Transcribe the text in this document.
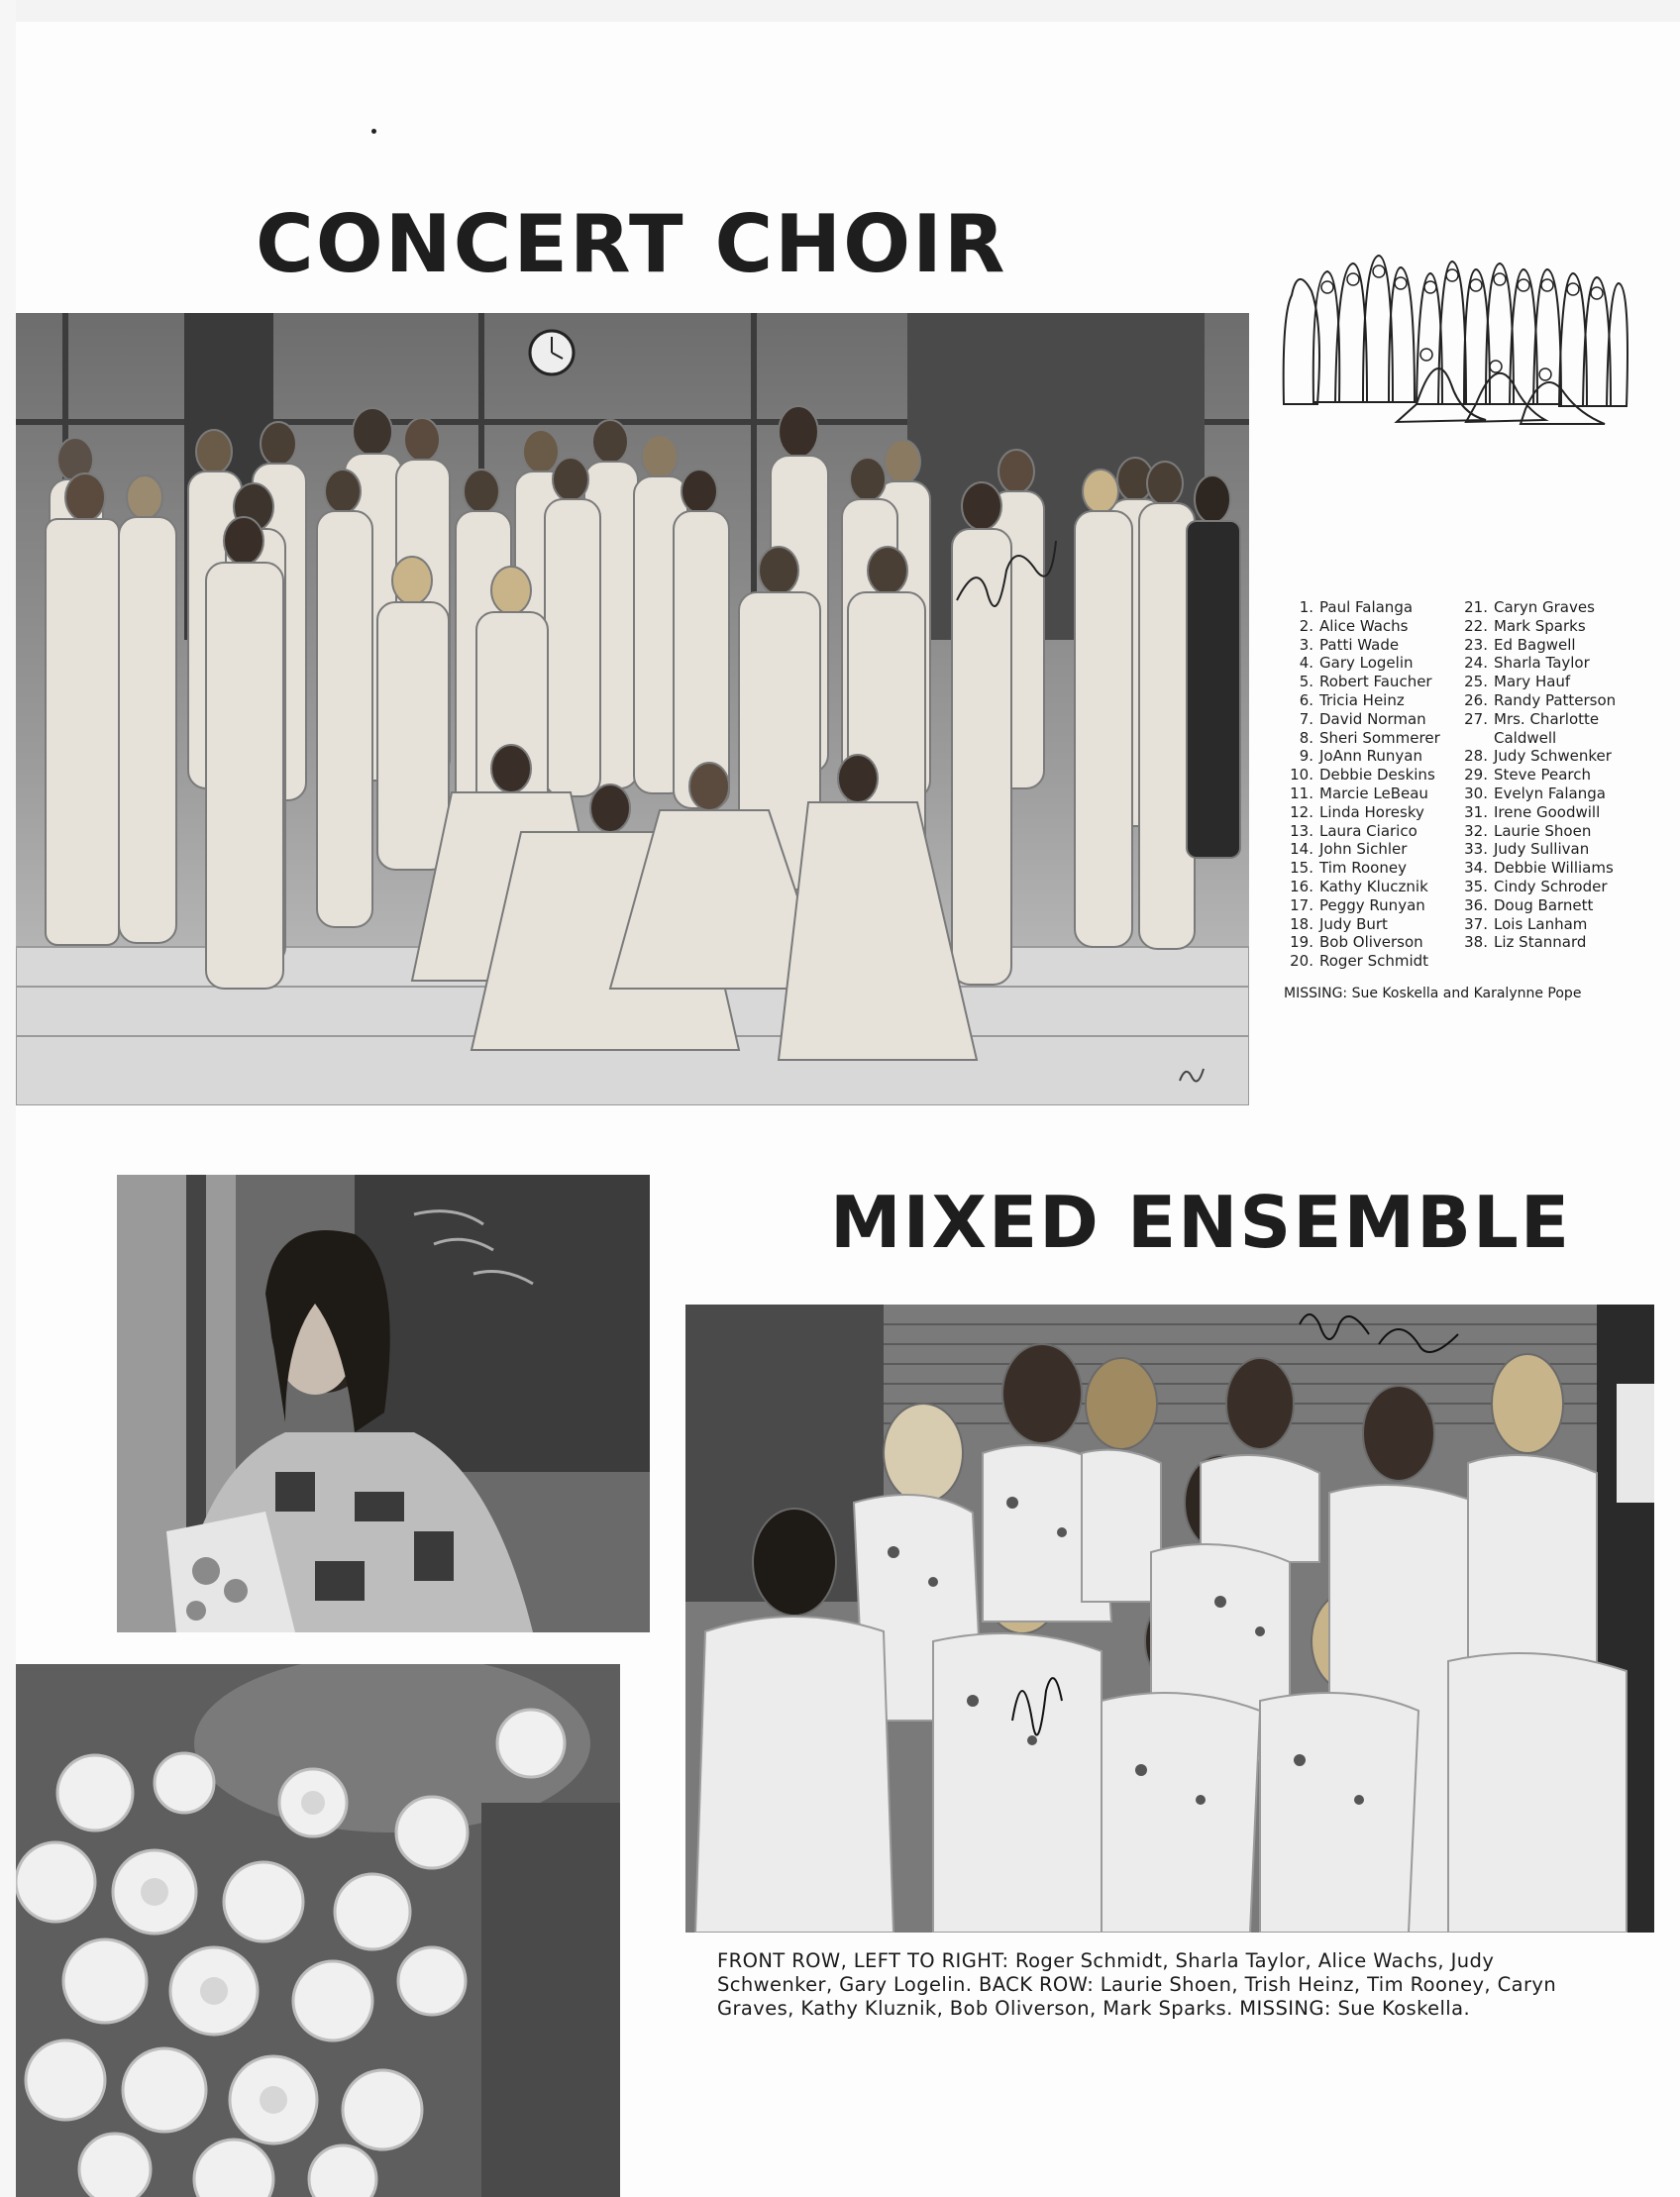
CONCERT CHOIR
1. Paul Falanga
2. Alice Wachs
3. Patti Wade
4. Gary Logelin
5. Robert Faucher
6. Tricia Heinz
7. David Norman
8. Sheri Sommerer
9. JoAnn Runyan
10. Debbie Deskins
11. Marcie LeBeau
12. Linda Horesky
13. Laura Ciarico
14. John Sichler
15. Tim Rooney
16. Kathy Klucznik
17. Peggy Runyan
18. Judy Burt
19. Bob Oliverson
20. Roger Schmidt
21. Caryn Graves
22. Mark Sparks
23. Ed Bagwell
24. Sharla Taylor
25. Mary Hauf
26. Randy Patterson
27. Mrs. Charlotte
Caldwell
28. Judy Schwenker
29. Steve Pearch
30. Evelyn Falanga
31. Irene Goodwill
32. Laurie Shoen
33. Judy Sullivan
34. Debbie Williams
35. Cindy Schroder
36. Doug Barnett
37. Lois Lanham
38. Liz Stannard
MISSING: Sue Koskella and Karalynne Pope
MIXED ENSEMBLE

FRONT ROW, LEFT TO RIGHT: Roger Schmidt, Sharla Taylor, Alice Wachs, Judy Schwenker, Gary Logelin. BACK ROW: Laurie Shoen, Trish Heinz, Tim Rooney, Caryn Graves, Kathy Kluznik, Bob Oliverson, Mark Sparks. MISSING: Sue Koskella.
